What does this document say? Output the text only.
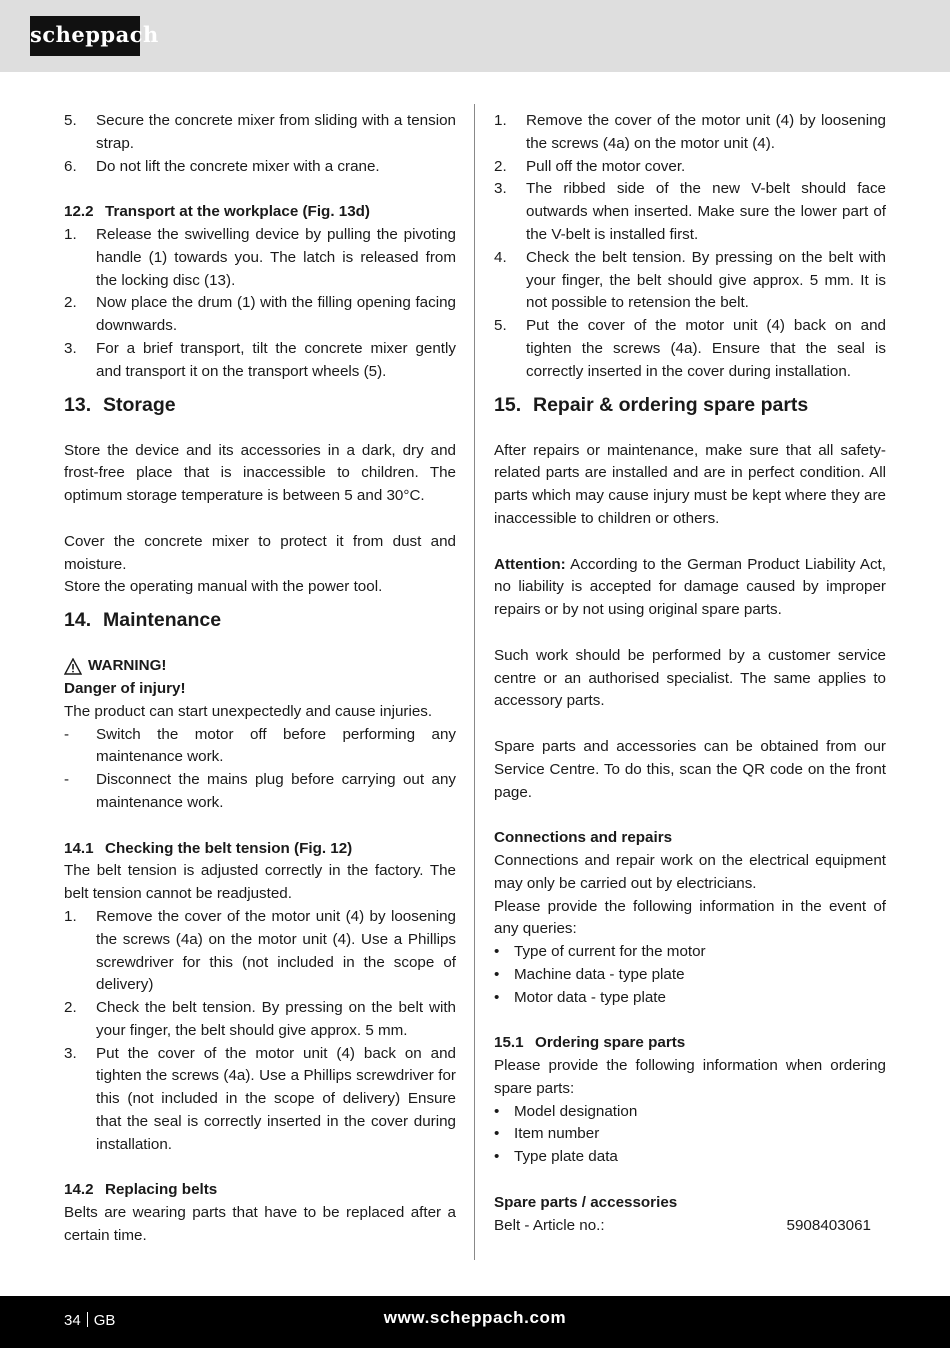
scheppach
5. Secure the concrete mixer from sliding with a tension strap.
6. Do not lift the concrete mixer with a crane.
12.2 Transport at the workplace (Fig. 13d)
1. Release the swivelling device by pulling the pivoting handle (1) towards you. The latch is released from the locking disc (13).
2. Now place the drum (1) with the filling opening facing downwards.
3. For a brief transport, tilt the concrete mixer gently and transport it on the transport wheels (5).
13. Storage

Store the device and its accessories in a dark, dry and frost-free place that is inaccessible to children. The optimum storage temperature is between 5 and 30°C.

Cover the concrete mixer to protect it from dust and moisture.

Store the operating manual with the power tool.

14. Maintenance
WARNING!

Danger of injury!

The product can start unexpectedly and cause injuries.

- Switch the motor off before performing any maintenance work.
- Disconnect the mains plug before carrying out any maintenance work.
14.1 Checking the belt tension (Fig. 12)

The belt tension is adjusted correctly in the factory. The belt tension cannot be readjusted.

1. Remove the cover of the motor unit (4) by loosening the screws (4a) on the motor unit (4). Use a Phillips screwdriver for this (not included in the scope of delivery)
2. Check the belt tension. By pressing on the belt with your finger, the belt should give approx. 5 mm.
3. Put the cover of the motor unit (4) back on and tighten the screws (4a). Use a Phillips screwdriver for this (not included in the scope of delivery) Ensure that the seal is correctly inserted in the cover during installation.
14.2 Replacing belts

Belts are wearing parts that have to be replaced after a certain time.

1. Remove the cover of the motor unit (4) by loosening the screws (4a) on the motor unit (4).
2. Pull off the motor cover.
3. The ribbed side of the new V-belt should face outwards when inserted. Make sure the lower part of the V-belt is installed first.
4. Check the belt tension. By pressing on the belt with your finger, the belt should give approx. 5 mm. It is not possible to retension the belt.
5. Put the cover of the motor unit (4) back on and tighten the screws (4a). Ensure that the seal is correctly inserted in the cover during installation.
15. Repair & ordering spare parts

After repairs or maintenance, make sure that all safety-related parts are installed and are in perfect condition. All parts which may cause injury must be kept where they are inaccessible to children or others.

Attention: According to the German Product Liability Act, no liability is accepted for damage caused by improper repairs or by not using original spare parts.

Such work should be performed by a customer service centre or an authorised specialist. The same applies to accessory parts.

Spare parts and accessories can be obtained from our Service Centre. To do this, scan the QR code on the front page.

Connections and repairs

Connections and repair work on the electrical equipment may only be carried out by electricians.

Please provide the following information in the event of any queries:

• Type of current for the motor
• Machine data - type plate
• Motor data - type plate
15.1 Ordering spare parts

Please provide the following information when ordering spare parts:

• Model designation
• Item number
• Type plate data
Spare parts / accessories
Belt - Article no.:	5908403061
34 GB	www.scheppach.com
